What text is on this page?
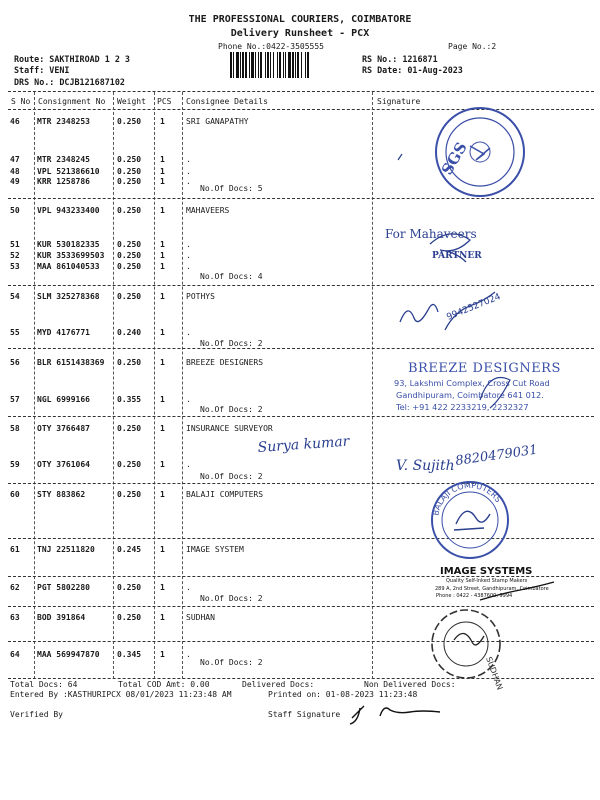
THE PROFESSIONAL COURIERS, COIMBATORE
Delivery Runsheet - PCX
Phone No.:0422-3505555	Page No.:2
Route: SAKTHIROAD 1 2 3
Staff: VENI
DRS No.: DCJB121687102
RS No.: 1216871
RS Date: 01-Aug-2023
S No Consignment No Weight PCS Consignee Details	Signature
46 MTR 2348253	0.250 1	SRI GANAPATHY
47 MTR 2348245	0.250 1	.
48 VPL 521386610 0.250 1	.
49 KRR 1258786	0.250 1	.
50 VPL 943233400 0.250 1	MAHAVEERS
51 KUR 530182335 0.250 1	.
52 KUR 3533699503 0.250 1	.
53 MAA 861040533 0.250 1	.
54 SLM 325278368 0.250 1	POTHYS
55 MYD 4176771	0.240 1	.
56 BLR 6151438369 0.250 1	BREEZE DESIGNERS
57 NGL 6999166	0.355 1	.
58 OTY 3766487	0.250 1	INSURANCE SURVEYOR
59 OTY 3761064	0.250 1	.
60 STY 883862	0.250 1	BALAJI COMPUTERS
61 TNJ 22511820	0.245 1	IMAGE SYSTEM
62 PGT 5802280	0.250 1	.
63 BOD 391864	0.250 1	SUDHAN
64 MAA 569947870 0.345 1	.
No.Of Docs: 5
No.Of Docs: 4
No.Of Docs: 2
No.Of Docs: 2
No.Of Docs: 2
No.Of Docs: 2
No.Of Docs: 2
Total Docs: 64	Total COD Amt: 0.00	Delivered Docs:	Non Delivered Docs:
Entered By :KASTHURIPCX 08/01/2023 11:23:48 AM	Printed on: 01-08-2023 11:23:48
Verified By	Staff Signature
SGS
For Mahaveers
PARTNER
9942527024
BREEZE DESIGNERS
93, Lakshmi Complex, Cross Cut Road
Gandhipuram, Coimbatore 641 012.
Tel: +91 422 2233219, 2232327
Surya kumar
V. Sujith 8820479031
BALAJI COMPUTERS
IMAGE SYSTEMS
Quality Self-Inked Stamp Makers
289 A, 2nd Street, Gandhipuram, Coimbatore
Phone : 0422 - 4387600, 9994
SUDHAN
